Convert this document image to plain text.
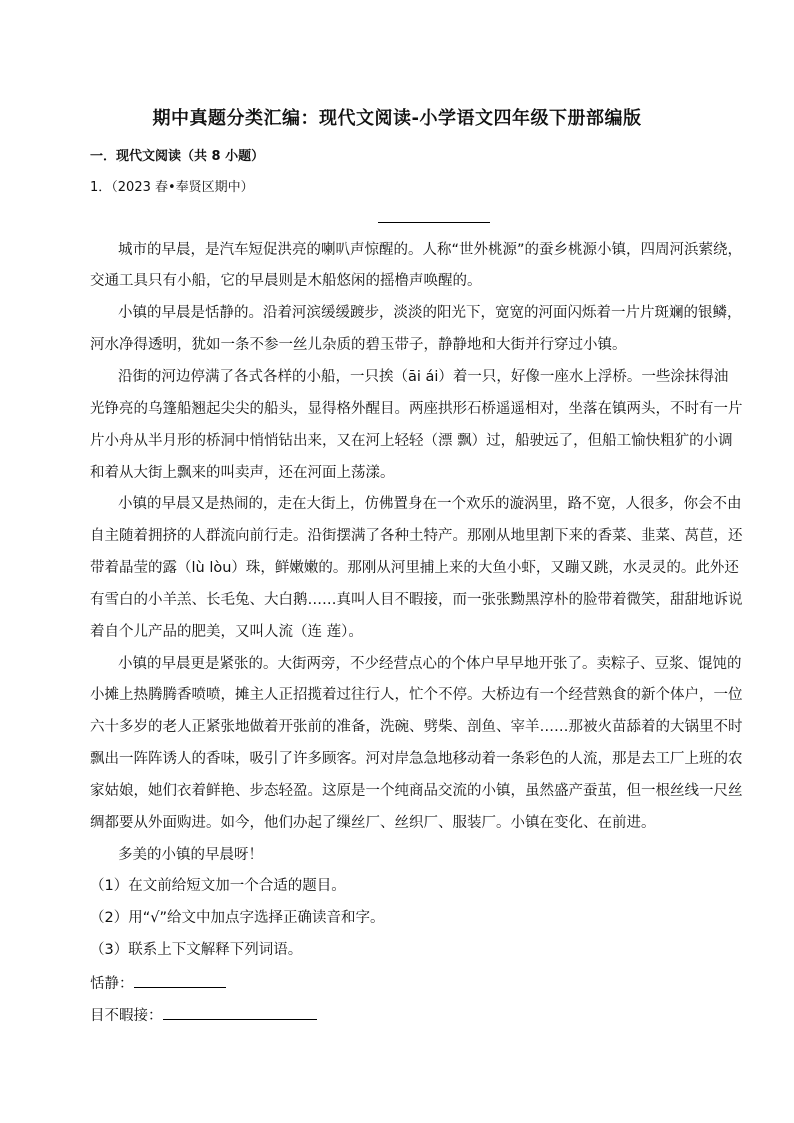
期中真题分类汇编：现代文阅读-小学语文四年级下册部编版
一．现代文阅读（共 8 小题）
1．（2023 春•奉贤区期中）
城市的早晨，是汽车短促洪亮的喇叭声惊醒的。人称“世外桃源”的蚕乡桃源小镇，四周河浜萦绕，
交通工具只有小船，它的早晨则是木船悠闲的摇橹声唤醒的。
小镇的早晨是恬静的。沿着河滨缓缓踱步，淡淡的阳光下，宽宽的河面闪烁着一片片斑斓的银鳞，
河水净得透明，犹如一条不参一丝儿杂质的碧玉带子，静静地和大街并行穿过小镇。
沿街的河边停满了各式各样的小船，一只挨（āi ái）着一只，好像一座水上浮桥。一些涂抹得油
光铮亮的乌篷船翘起尖尖的船头，显得格外醒目。两座拱形石桥遥遥相对，坐落在镇两头，不时有一片
片小舟从半月形的桥洞中悄悄钻出来，又在河上轻轻（漂 飘）过，船驶远了，但船工愉快粗犷的小调
和着从大街上飘来的叫卖声，还在河面上荡漾。
小镇的早晨又是热闹的，走在大街上，仿佛置身在一个欢乐的漩涡里，路不宽，人很多，你会不由
自主随着拥挤的人群流向前行走。沿街摆满了各种土特产。那刚从地里割下来的香菜、韭菜、莴苣，还
带着晶莹的露（lù lòu）珠，鲜嫩嫩的。那刚从河里捕上来的大鱼小虾，又蹦又跳，水灵灵的。此外还
有雪白的小羊羔、长毛兔、大白鹅……真叫人目不暇接，而一张张黝黑淳朴的脸带着微笑，甜甜地诉说
着自个儿产品的肥美，又叫人流（连 莲）。
小镇的早晨更是紧张的。大街两旁，不少经营点心的个体户早早地开张了。卖粽子、豆浆、馄饨的
小摊上热腾腾香喷喷，摊主人正招揽着过往行人，忙个不停。大桥边有一个经营熟食的新个体户，一位
六十多岁的老人正紧张地做着开张前的准备，洗碗、劈柴、剖鱼、宰羊……那被火苗舔着的大锅里不时
飘出一阵阵诱人的香味，吸引了许多顾客。河对岸急急地移动着一条彩色的人流，那是去工厂上班的农
家姑娘，她们衣着鲜艳、步态轻盈。这原是一个纯商品交流的小镇，虽然盛产蚕茧，但一根丝线一尺丝
绸都要从外面购进。如今，他们办起了缫丝厂、丝织厂、服装厂。小镇在变化、在前进。
多美的小镇的早晨呀！
（1）在文前给短文加一个合适的题目。
（2）用“√”给文中加点字选择正确读音和字。
（3）联系上下文解释下列词语。
恬静：
目不暇接：
